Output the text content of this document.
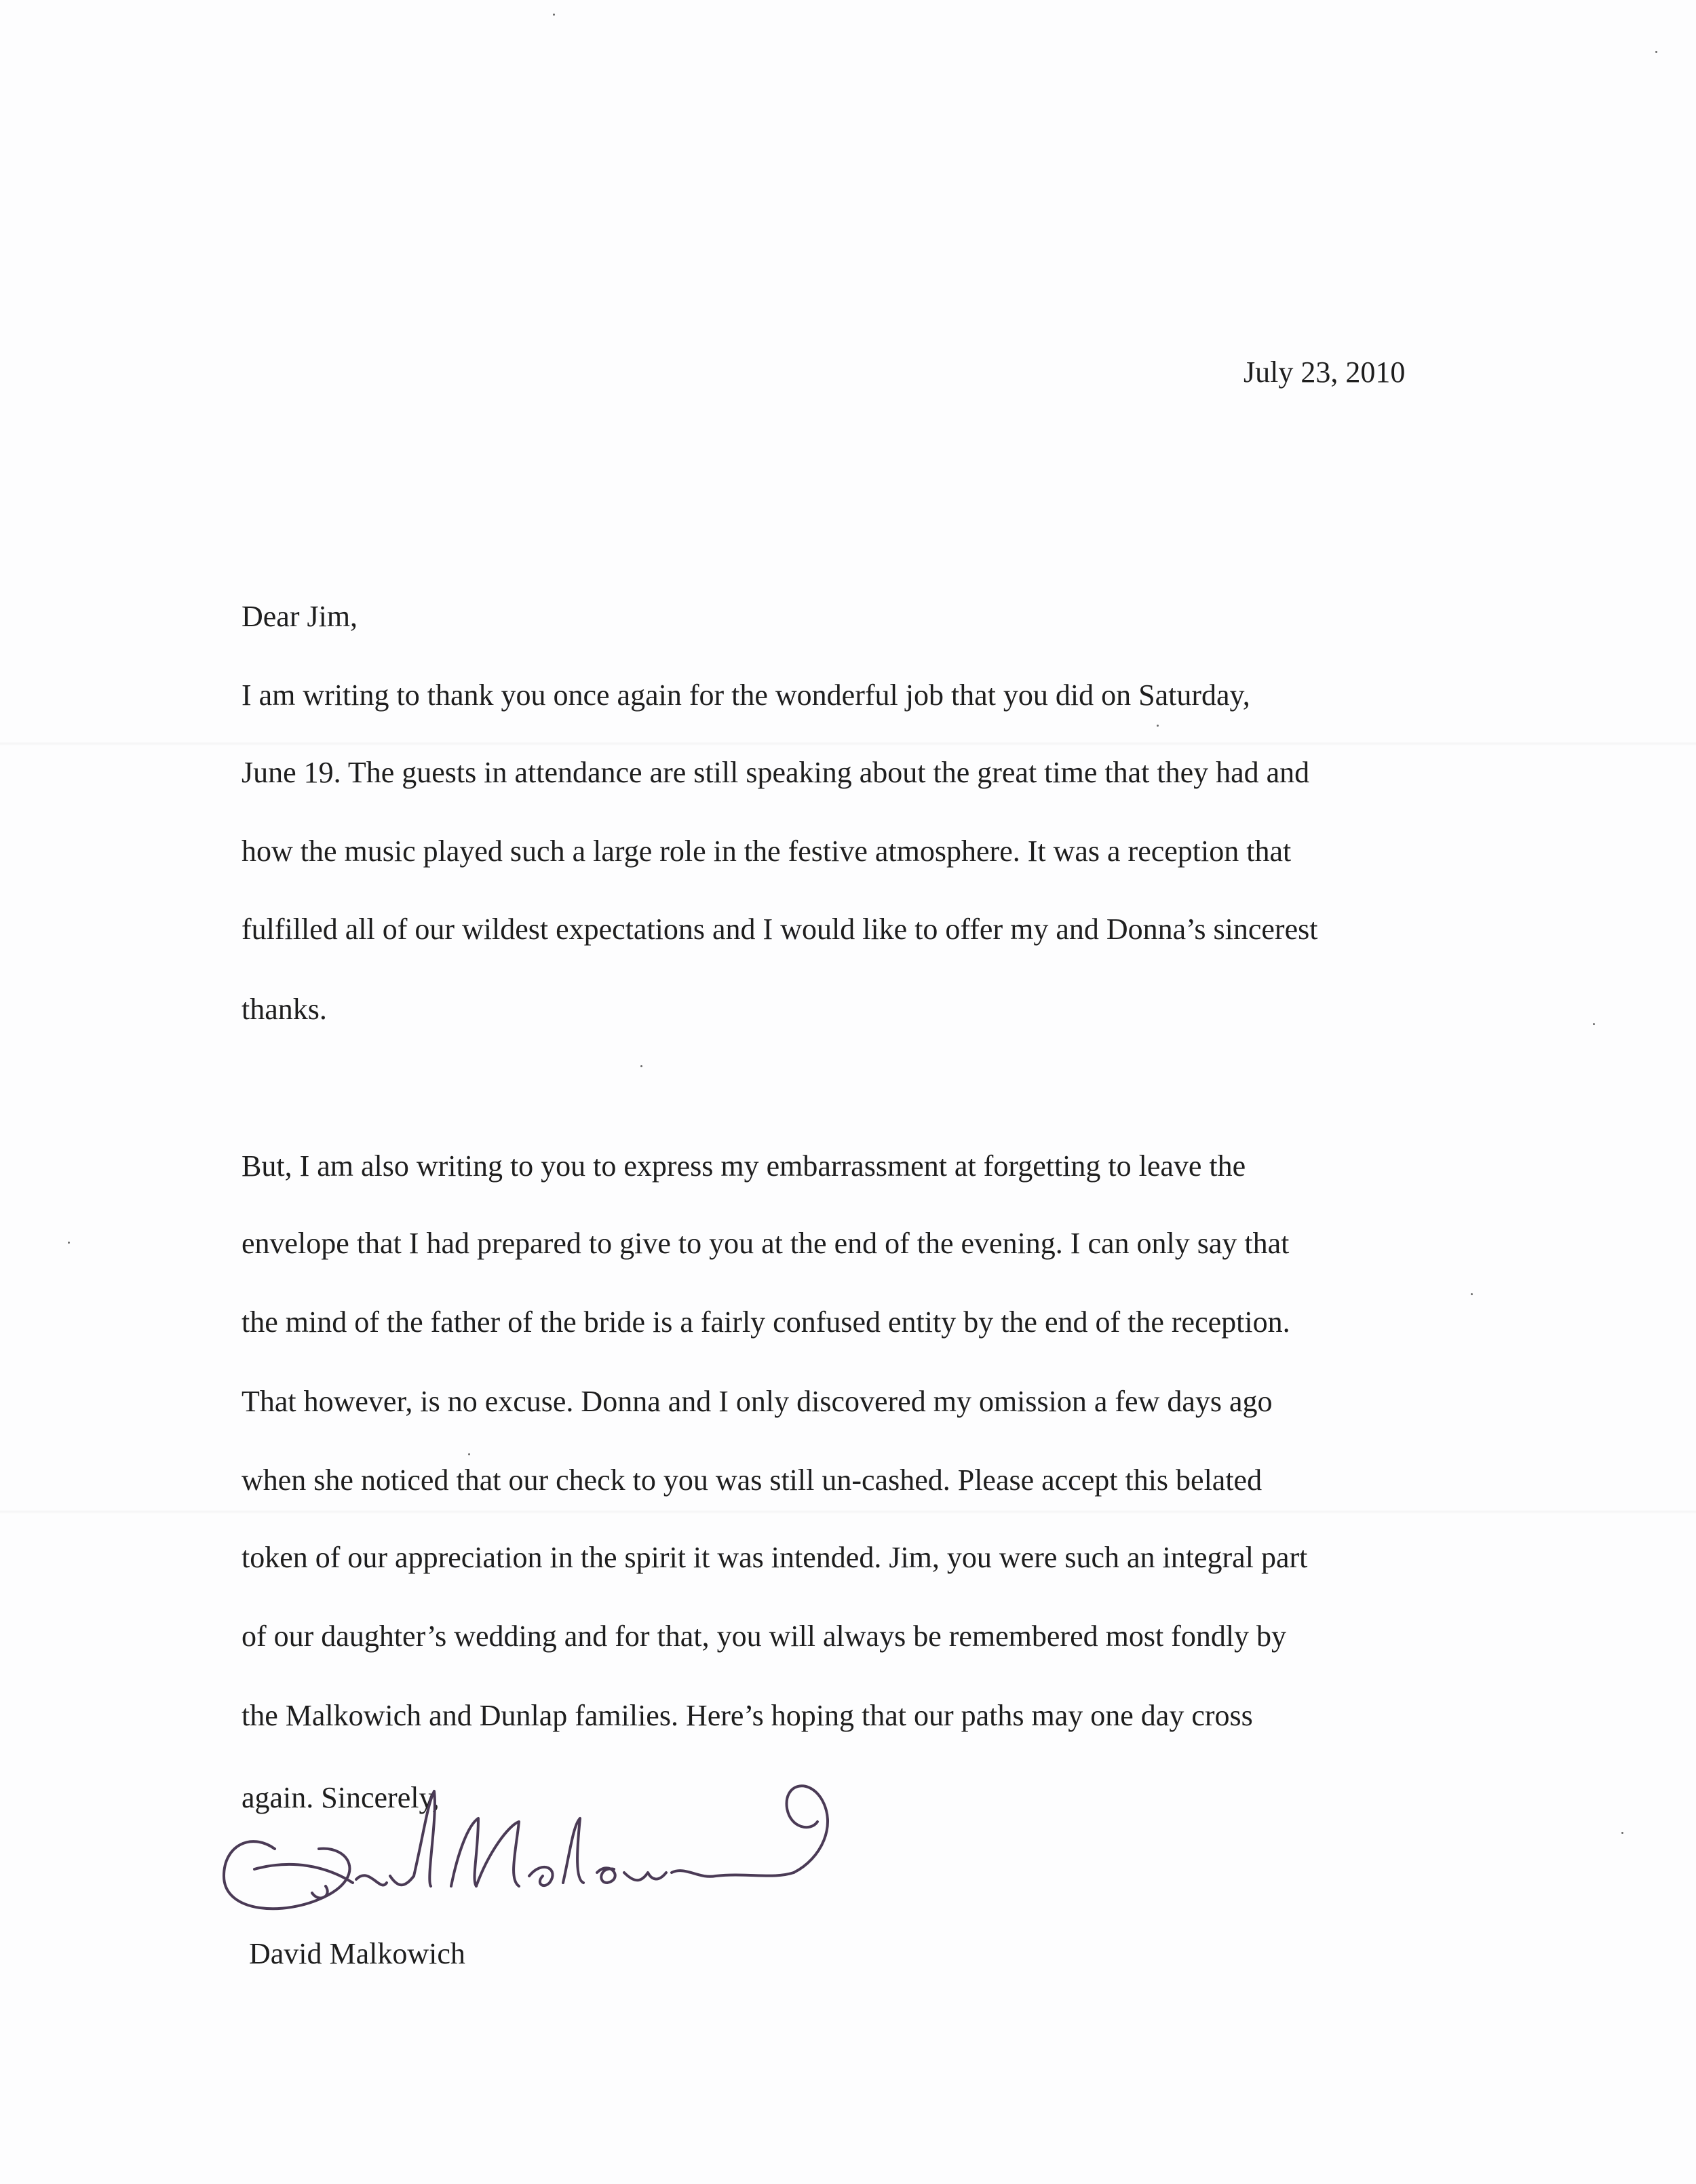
July 23, 2010
Dear Jim,
I am writing to thank you once again for the wonderful job that you did on Saturday,
June 19. The guests in attendance are still speaking about the great time that they had and
how the music played such a large role in the festive atmosphere. It was a reception that
fulfilled all of our wildest expectations and I would like to offer my and Donna’s sincerest
thanks.
But, I am also writing to you to express my embarrassment at forgetting to leave the
envelope that I had prepared to give to you at the end of the evening. I can only say that
the mind of the father of the bride is a fairly confused entity by the end of the reception.
That however, is no excuse. Donna and I only discovered my omission a few days ago
when she noticed that our check to you was still un-cashed. Please accept this belated
token of our appreciation in the spirit it was intended. Jim, you were such an integral part
of our daughter’s wedding and for that, you will always be remembered most fondly by
the Malkowich and Dunlap families. Here’s hoping that our paths may one day cross
again. Sincerely,
David Malkowich
